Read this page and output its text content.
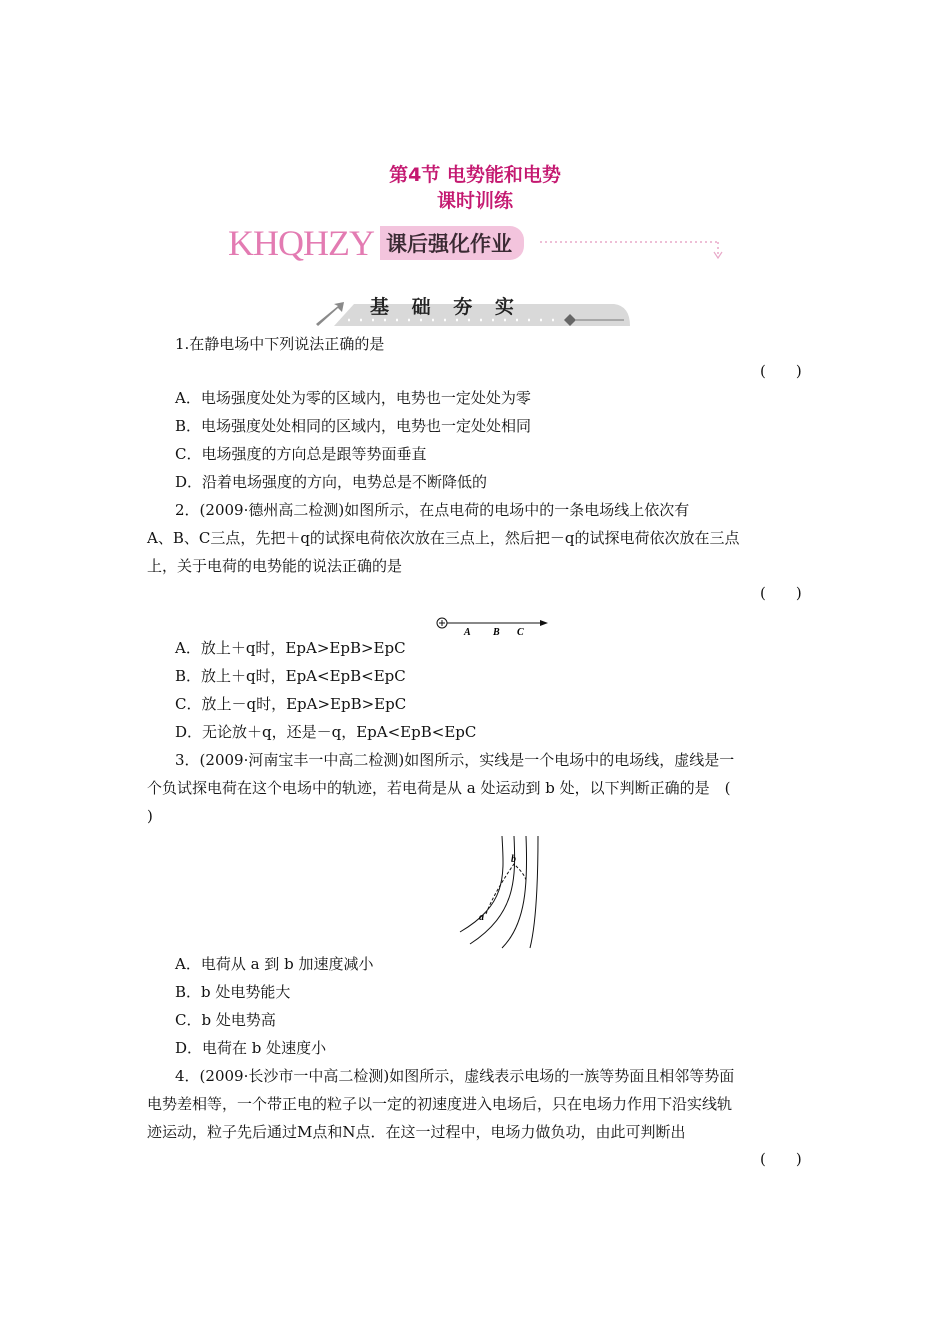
第4节 电势能和电势
课时训练
KHQHZY 课后强化作业
基 础 夯 实
1.在静电场中下列说法正确的是
(　　)
A．电场强度处处为零的区域内，电势也一定处处为零
B．电场强度处处相同的区域内，电势也一定处处相同
C．电场强度的方向总是跟等势面垂直
D．沿着电场强度的方向，电势总是不断降低的
2．(2009·德州高二检测)如图所示，在点电荷的电场中的一条电场线上依次有
A、B、C三点，先把＋q的试探电荷依次放在三点上，然后把－q的试探电荷依次放在三点
上，关于电荷的电势能的说法正确的是
(　　)
A B C
A．放上＋q时，EpA>EpB>EpC
B．放上＋q时，EpA<EpB<EpC
C．放上－q时，EpA>EpB>EpC
D．无论放＋q，还是－q，EpA<EpB<EpC
3．(2009·河南宝丰一中高二检测)如图所示，实线是一个电场中的电场线，虚线是一
个负试探电荷在这个电场中的轨迹，若电荷是从 a 处运动到 b 处，以下判断正确的是　(
)
a
b
A．电荷从 a 到 b 加速度减小
B．b 处电势能大
C．b 处电势高
D．电荷在 b 处速度小
4．(2009·长沙市一中高二检测)如图所示，虚线表示电场的一族等势面且相邻等势面
电势差相等，一个带正电的粒子以一定的初速度进入电场后，只在电场力作用下沿实线轨
迹运动，粒子先后通过M点和N点．在这一过程中，电场力做负功，由此可判断出
(　　)
